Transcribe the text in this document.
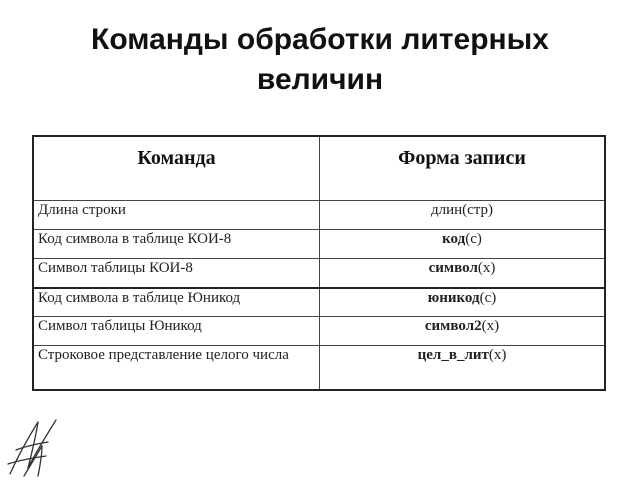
Команды обработки литерных
величин
Команда	Форма записи
Длина строки	длин(стр)
Код символа в таблице КОИ-8	код(c)
Символ таблицы КОИ-8	символ(x)
Код символа в таблице Юникод	юникод(c)
Символ таблицы Юникод	символ2(x)
Строковое представление целого числа	цел_в_лит(x)
